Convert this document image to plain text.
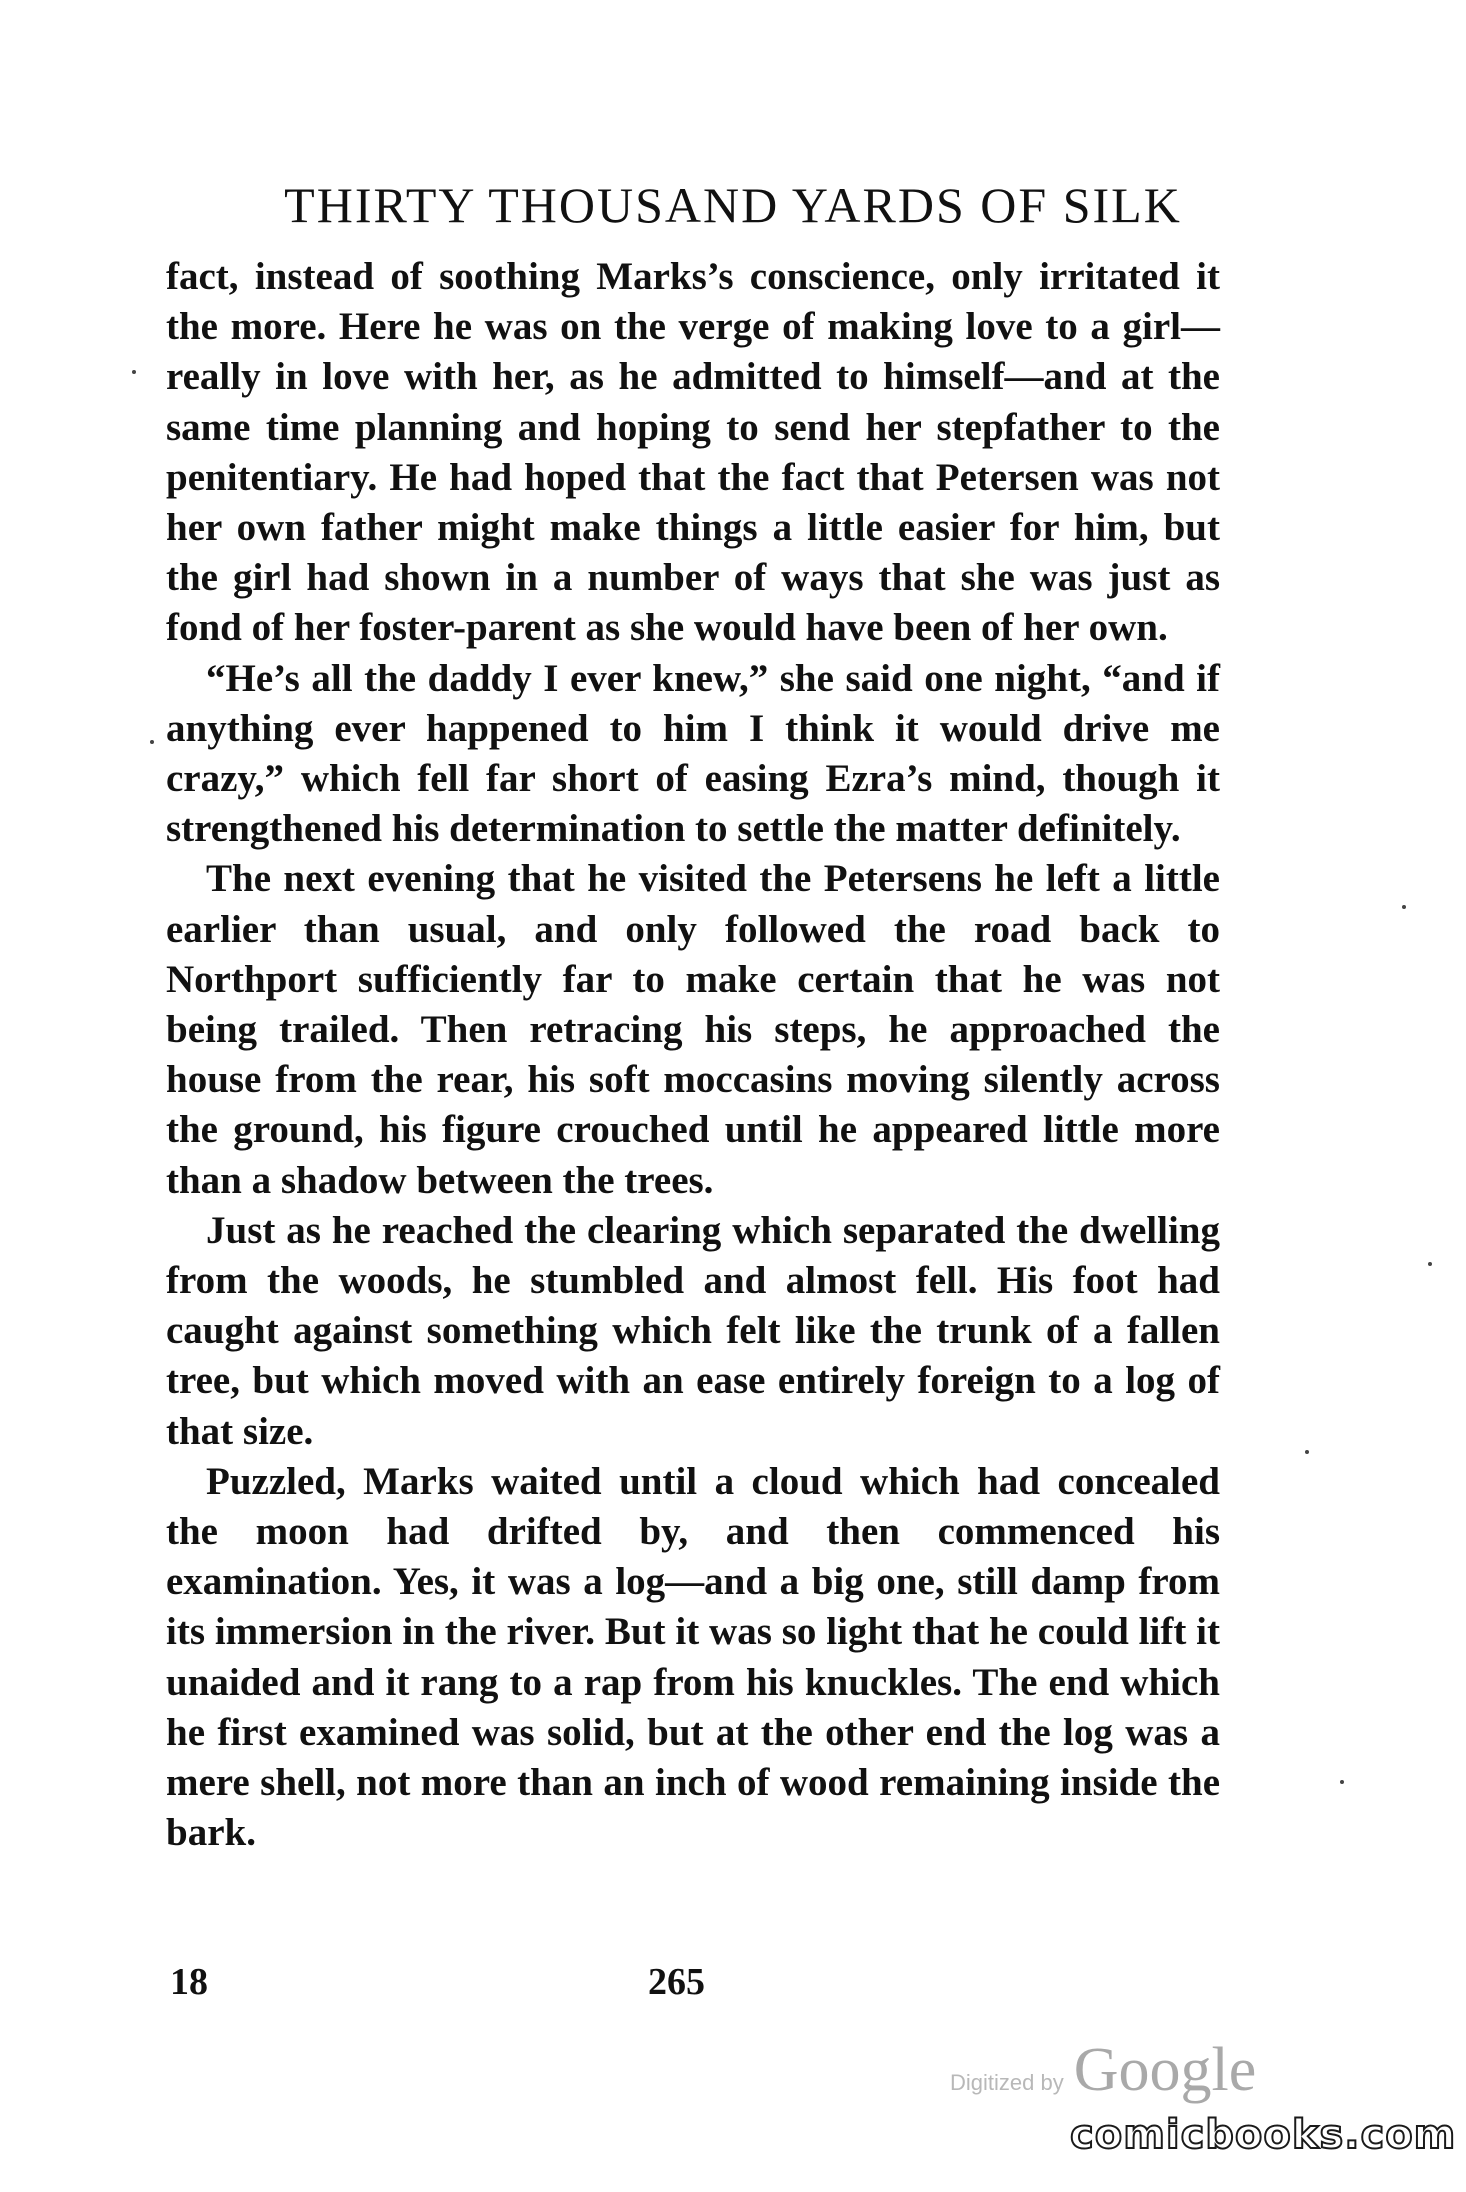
THIRTY THOUSAND YARDS OF SILK

fact, instead of soothing Marks’s conscience, only irritated it the more. Here he was on the verge of making love to a girl—really in love with her, as he admitted to himself—and at the same time planning and hoping to send her stepfather to the penitentiary. He had hoped that the fact that Petersen was not her own father might make things a little easier for him, but the girl had shown in a number of ways that she was just as fond of her foster-parent as she would have been of her own.

“He’s all the daddy I ever knew,” she said one night, “and if anything ever happened to him I think it would drive me crazy,” which fell far short of easing Ezra’s mind, though it strengthened his determination to settle the matter definitely.

The next evening that he visited the Petersens he left a little earlier than usual, and only followed the road back to Northport sufficiently far to make certain that he was not being trailed. Then retracing his steps, he approached the house from the rear, his soft moccasins moving silently across the ground, his figure crouched until he appeared little more than a shadow between the trees.

Just as he reached the clearing which separated the dwelling from the woods, he stumbled and almost fell. His foot had caught against something which felt like the trunk of a fallen tree, but which moved with an ease entirely foreign to a log of that size.

Puzzled, Marks waited until a cloud which had concealed the moon had drifted by, and then commenced his examination. Yes, it was a log—and a big one, still damp from its immersion in the river. But it was so light that he could lift it unaided and it rang to a rap from his knuckles. The end which he first examined was solid, but at the other end the log was a mere shell, not more than an inch of wood remaining inside the bark.

18	265
Digitized by Google
comicbooks.com
